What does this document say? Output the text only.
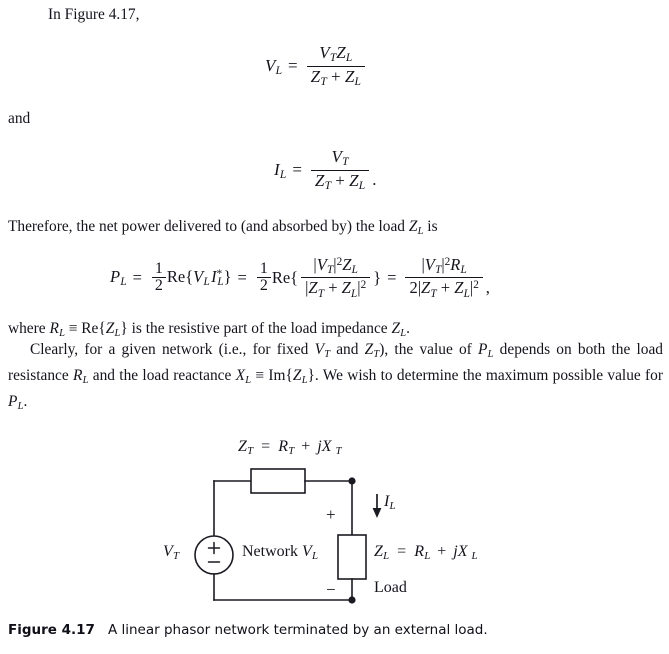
In Figure 4.17,
$V_L = \frac{V_TZ_L}{Z_T + Z_L}$
and
$I_L = \frac{V_T}{Z_T + Z_L}$ .
Therefore, the net power delivered to (and absorbed by) the load $Z_L$ is
$P_L = \frac{1}{2} Re\{V_L$ $I^*_L\} = \frac{1}{2} Re\{ \frac{|V_T|^2Z_L}{|Z_T + Z_L|^2}$ } = $\frac{|V_T|^2R_L}{2|Z_T + Z_L|^2}$ ,
where $R_L \equiv Re\{Z_L\}$ is the resistive part of the load impedance $Z_L$.
Clearly, for a given network (i.e., for fixed $V_T$ and $Z_T$), the value of $P_L$ depends on both the load resistance $R_L$ and the load reactance $X_L \equiv Im\{Z_L\}$. We wish to determine the maximum possible value for $P_L$.
$Z_T = R_T$ + jX $_T$
$V_T$	Network
$I_L$
+
$V_L$
−
$Z_L = R_L$ + jX $_L$
Load
Figure 4.17 A linear phasor network terminated by an external load.
